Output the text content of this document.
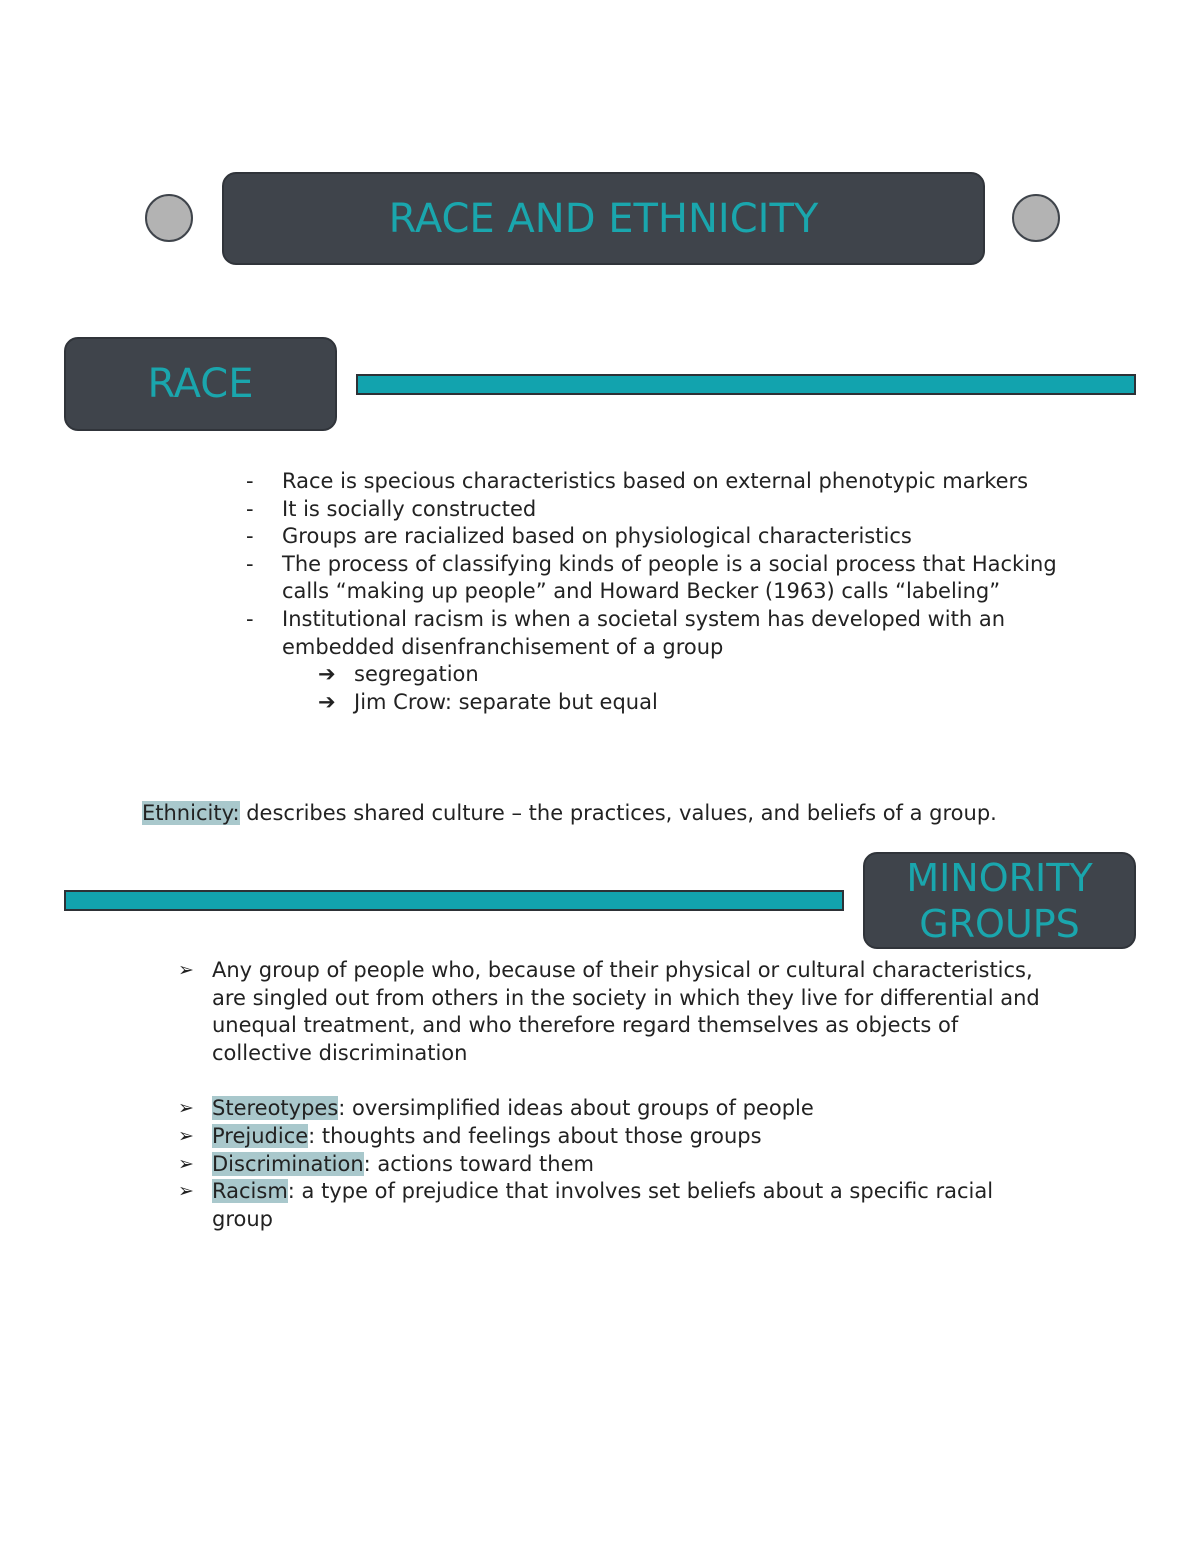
RACE AND ETHNICITY
RACE
- Race is specious characteristics based on external phenotypic markers
- It is socially constructed
- Groups are racialized based on physiological characteristics
- The process of classifying kinds of people is a social process that Hacking calls “making up people” and Howard Becker (1963) calls “labeling”
- Institutional racism is when a societal system has developed with an embedded disenfranchisement of a group
➔ segregation
➔ Jim Crow: separate but equal
Ethnicity: describes shared culture – the practices, values, and beliefs of a group.
MINORITY
GROUPS
➢ Any group of people who, because of their physical or cultural characteristics, are singled out from others in the society in which they live for differential and unequal treatment, and who therefore regard themselves as objects of collective discrimination
➢ Stereotypes: oversimplified ideas about groups of people
➢ Prejudice: thoughts and feelings about those groups
➢ Discrimination: actions toward them
➢ Racism: a type of prejudice that involves set beliefs about a specific racial group
